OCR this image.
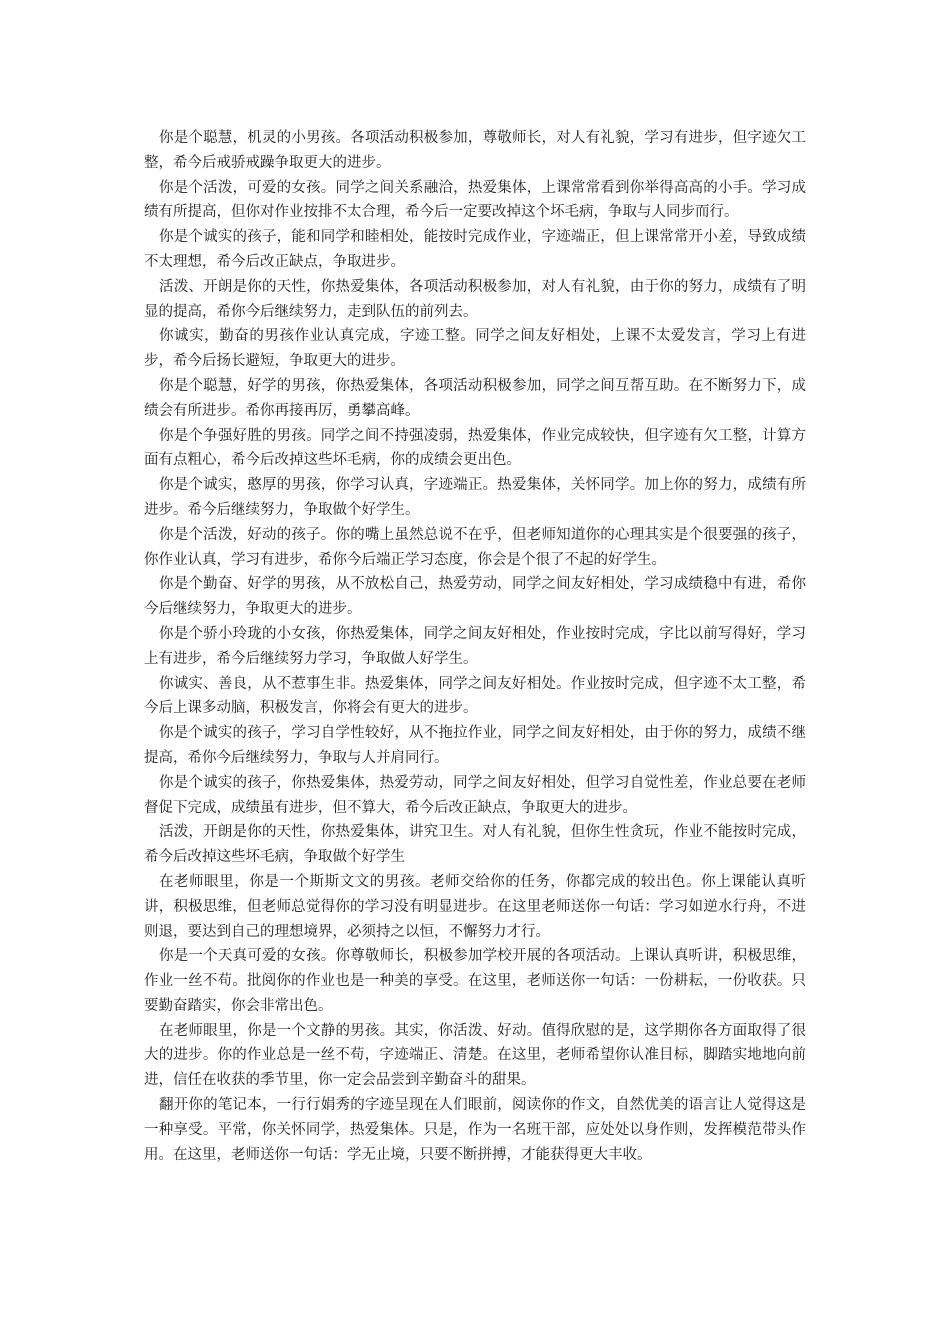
你是个聪慧，机灵的小男孩。各项活动积极参加，尊敬师长，对人有礼貌，学习有进步，但字迹欠工整，希今后戒骄戒躁争取更大的进步。

你是个活泼，可爱的女孩。同学之间关系融洽，热爱集体，上课常常看到你举得高高的小手。学习成绩有所提高，但你对作业按排不太合理，希今后一定要改掉这个坏毛病，争取与人同步而行。

你是个诚实的孩子，能和同学和睦相处，能按时完成作业，字迹端正，但上课常常开小差，导致成绩不太理想，希今后改正缺点，争取进步。

活泼、开朗是你的天性，你热爱集体，各项活动积极参加，对人有礼貌，由于你的努力，成绩有了明显的提高，希你今后继续努力，走到队伍的前列去。

你诚实，勤奋的男孩作业认真完成，字迹工整。同学之间友好相处，上课不太爱发言，学习上有进步，希今后扬长避短，争取更大的进步。

你是个聪慧，好学的男孩，你热爱集体，各项活动积极参加，同学之间互帮互助。在不断努力下，成绩会有所进步。希你再接再厉，勇攀高峰。

你是个争强好胜的男孩。同学之间不持强凌弱，热爱集体，作业完成较快，但字迹有欠工整，计算方面有点粗心，希今后改掉这些坏毛病，你的成绩会更出色。

你是个诚实，憨厚的男孩，你学习认真，字迹端正。热爱集体，关怀同学。加上你的努力，成绩有所进步。希今后继续努力，争取做个好学生。

你是个活泼，好动的孩子。你的嘴上虽然总说不在乎，但老师知道你的心理其实是个很要强的孩子，你作业认真，学习有进步，希你今后端正学习态度，你会是个很了不起的好学生。

你是个勤奋、好学的男孩，从不放松自己，热爱劳动，同学之间友好相处，学习成绩稳中有进，希你今后继续努力，争取更大的进步。

你是个骄小玲珑的小女孩，你热爱集体，同学之间友好相处，作业按时完成，字比以前写得好，学习上有进步，希今后继续努力学习，争取做人好学生。

你诚实、善良，从不惹事生非。热爱集体，同学之间友好相处。作业按时完成，但字迹不太工整，希今后上课多动脑，积极发言，你将会有更大的进步。

你是个诚实的孩子，学习自学性较好，从不拖拉作业，同学之间友好相处，由于你的努力，成绩不继提高，希你今后继续努力，争取与人并肩同行。

你是个诚实的孩子，你热爱集体，热爱劳动，同学之间友好相处，但学习自觉性差，作业总要在老师督促下完成，成绩虽有进步，但不算大，希今后改正缺点，争取更大的进步。

活泼，开朗是你的天性，你热爱集体，讲究卫生。对人有礼貌，但你生性贪玩，作业不能按时完成，希今后改掉这些坏毛病，争取做个好学生

在老师眼里，你是一个斯斯文文的男孩。老师交给你的任务，你都完成的较出色。你上课能认真听讲，积极思维，但老师总觉得你的学习没有明显进步。在这里老师送你一句话：学习如逆水行舟，不进则退，要达到自己的理想境界，必须持之以恒，不懈努力才行。

你是一个天真可爱的女孩。你尊敬师长，积极参加学校开展的各项活动。上课认真听讲，积极思维，作业一丝不苟。批阅你的作业也是一种美的享受。在这里，老师送你一句话：一份耕耘，一份收获。只要勤奋踏实，你会非常出色。

在老师眼里，你是一个文静的男孩。其实，你活泼、好动。值得欣慰的是，这学期你各方面取得了很大的进步。你的作业总是一丝不苟，字迹端正、清楚。在这里，老师希望你认准目标，脚踏实地地向前进，信任在收获的季节里，你一定会品尝到辛勤奋斗的甜果。

翻开你的笔记本，一行行娟秀的字迹呈现在人们眼前，阅读你的作文，自然优美的语言让人觉得这是一种享受。平常，你关怀同学，热爱集体。只是，作为一名班干部，应处处以身作则，发挥模范带头作用。在这里，老师送你一句话：学无止境，只要不断拼搏，才能获得更大丰收。
